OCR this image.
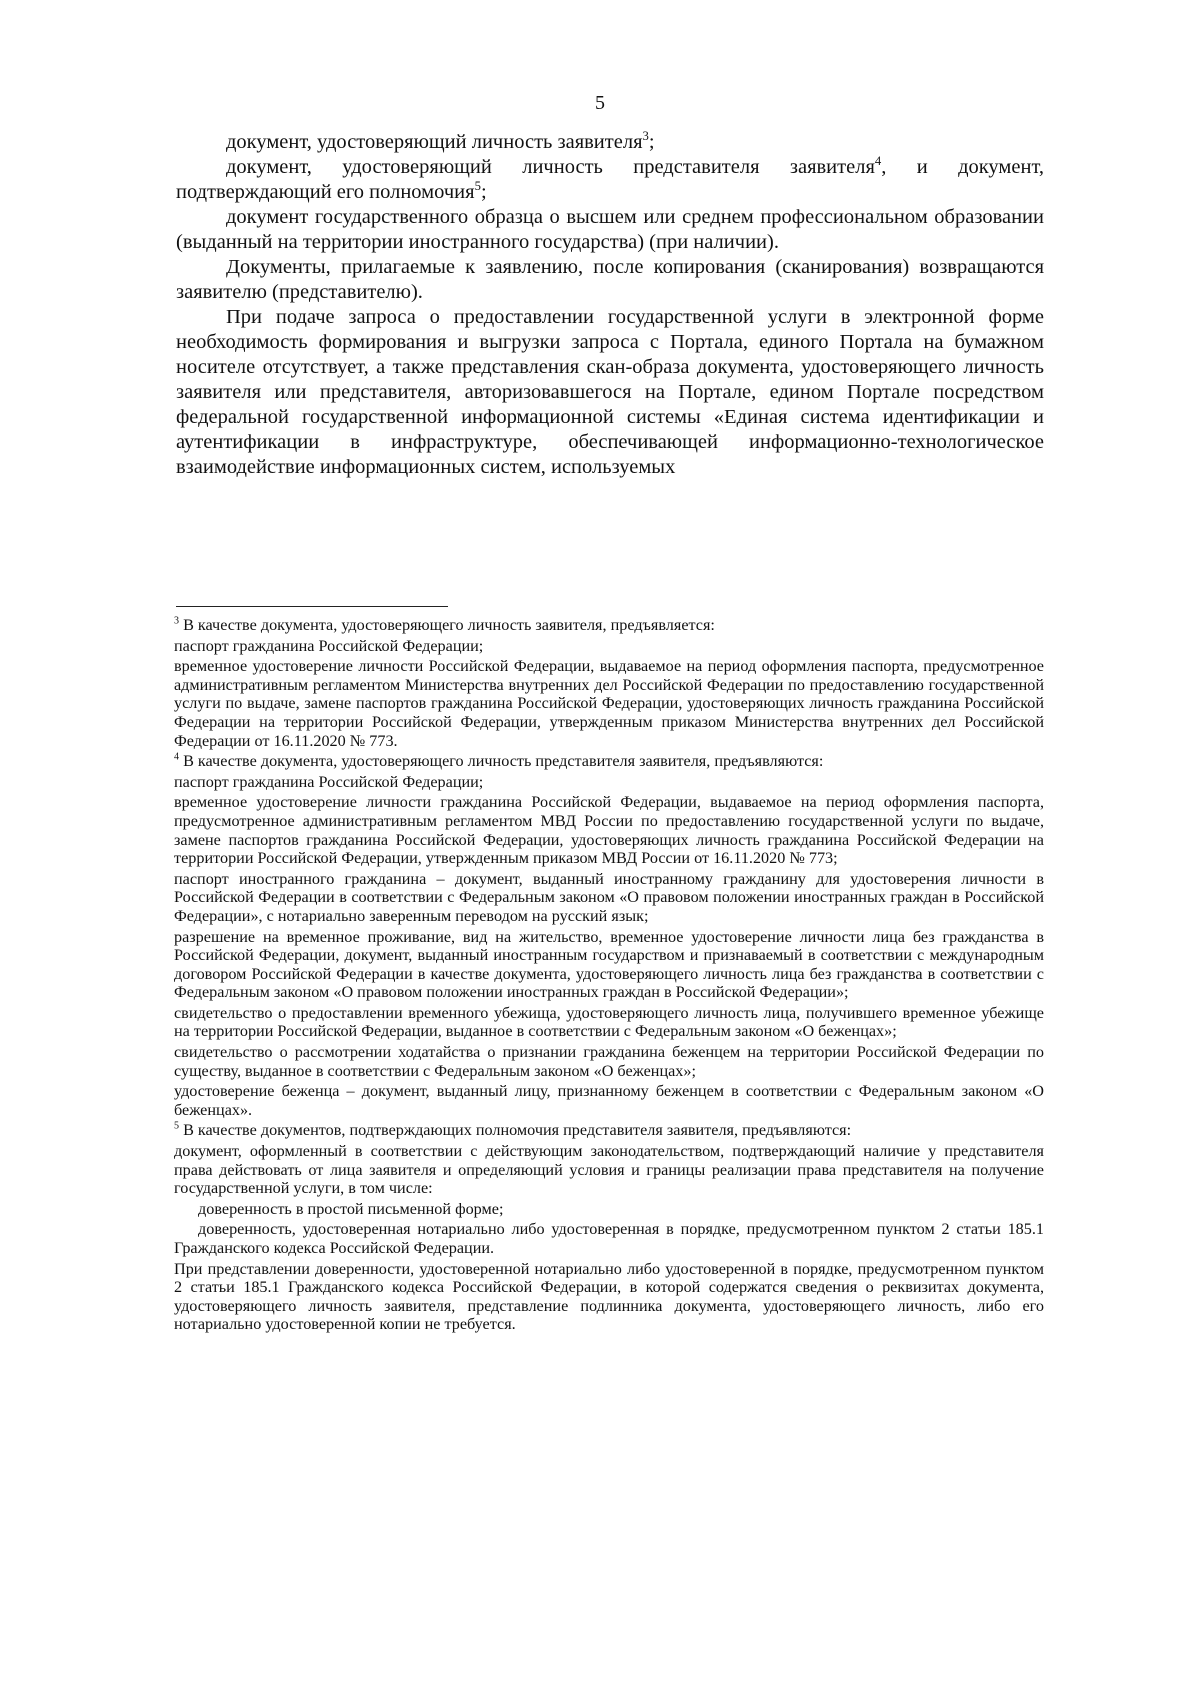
5

документ, удостоверяющий личность заявителя$^3$;

документ, удостоверяющий личность представителя заявителя$^4$, и документ, подтверждающий его полномочия$^5$;

документ государственного образца о высшем или среднем профессиональном образовании (выданный на территории иностранного государства) (при наличии).

Документы, прилагаемые к заявлению, после копирования (сканирования) возвращаются заявителю (представителю).

При подаче запроса о предоставлении государственной услуги в электронной форме необходимость формирования и выгрузки запроса с Портала, единого Портала на бумажном носителе отсутствует, а также представления скан-образа документа, удостоверяющего личность заявителя или представителя, авторизовавшегося на Портале, едином Портале посредством федеральной государственной информационной системы «Единая система идентификации и аутентификации в инфраструктуре, обеспечивающей информационно-технологическое взаимодействие информационных систем, используемых

$^3$ В качестве документа, удостоверяющего личность заявителя, предъявляется:

паспорт гражданина Российской Федерации;

временное удостоверение личности Российской Федерации, выдаваемое на период оформления паспорта, предусмотренное административным регламентом Министерства внутренних дел Российской Федерации по предоставлению государственной услуги по выдаче, замене паспортов гражданина Российской Федерации, удостоверяющих личность гражданина Российской Федерации на территории Российской Федерации, утвержденным приказом Министерства внутренних дел Российской Федерации от 16.11.2020 № 773.

$^4$ В качестве документа, удостоверяющего личность представителя заявителя, предъявляются:

паспорт гражданина Российской Федерации;

временное удостоверение личности гражданина Российской Федерации, выдаваемое на период оформления паспорта, предусмотренное административным регламентом МВД России по предоставлению государственной услуги по выдаче, замене паспортов гражданина Российской Федерации, удостоверяющих личность гражданина Российской Федерации на территории Российской Федерации, утвержденным приказом МВД России от 16.11.2020 № 773;

паспорт иностранного гражданина – документ, выданный иностранному гражданину для удостоверения личности в Российской Федерации в соответствии с Федеральным законом «О правовом положении иностранных граждан в Российской Федерации», с нотариально заверенным переводом на русский язык;

разрешение на временное проживание, вид на жительство, временное удостоверение личности лица без гражданства в Российской Федерации, документ, выданный иностранным государством и признаваемый в соответствии с международным договором Российской Федерации в качестве документа, удостоверяющего личность лица без гражданства в соответствии с Федеральным законом «О правовом положении иностранных граждан в Российской Федерации»;

свидетельство о предоставлении временного убежища, удостоверяющего личность лица, получившего временное убежище на территории Российской Федерации, выданное в соответствии с Федеральным законом «О беженцах»;

свидетельство о рассмотрении ходатайства о признании гражданина беженцем на территории Российской Федерации по существу, выданное в соответствии с Федеральным законом «О беженцах»;

удостоверение беженца – документ, выданный лицу, признанному беженцем в соответствии с Федеральным законом «О беженцах».

$^5$ В качестве документов, подтверждающих полномочия представителя заявителя, предъявляются:

документ, оформленный в соответствии с действующим законодательством, подтверждающий наличие у представителя права действовать от лица заявителя и определяющий условия и границы реализации права представителя на получение государственной услуги, в том числе:

доверенность в простой письменной форме;

доверенность, удостоверенная нотариально либо удостоверенная в порядке, предусмотренном пунктом 2 статьи 185.1 Гражданского кодекса Российской Федерации.

При представлении доверенности, удостоверенной нотариально либо удостоверенной в порядке, предусмотренном пунктом 2 статьи 185.1 Гражданского кодекса Российской Федерации, в которой содержатся сведения о реквизитах документа, удостоверяющего личность заявителя, представление подлинника документа, удостоверяющего личность, либо его нотариально удостоверенной копии не требуется.
